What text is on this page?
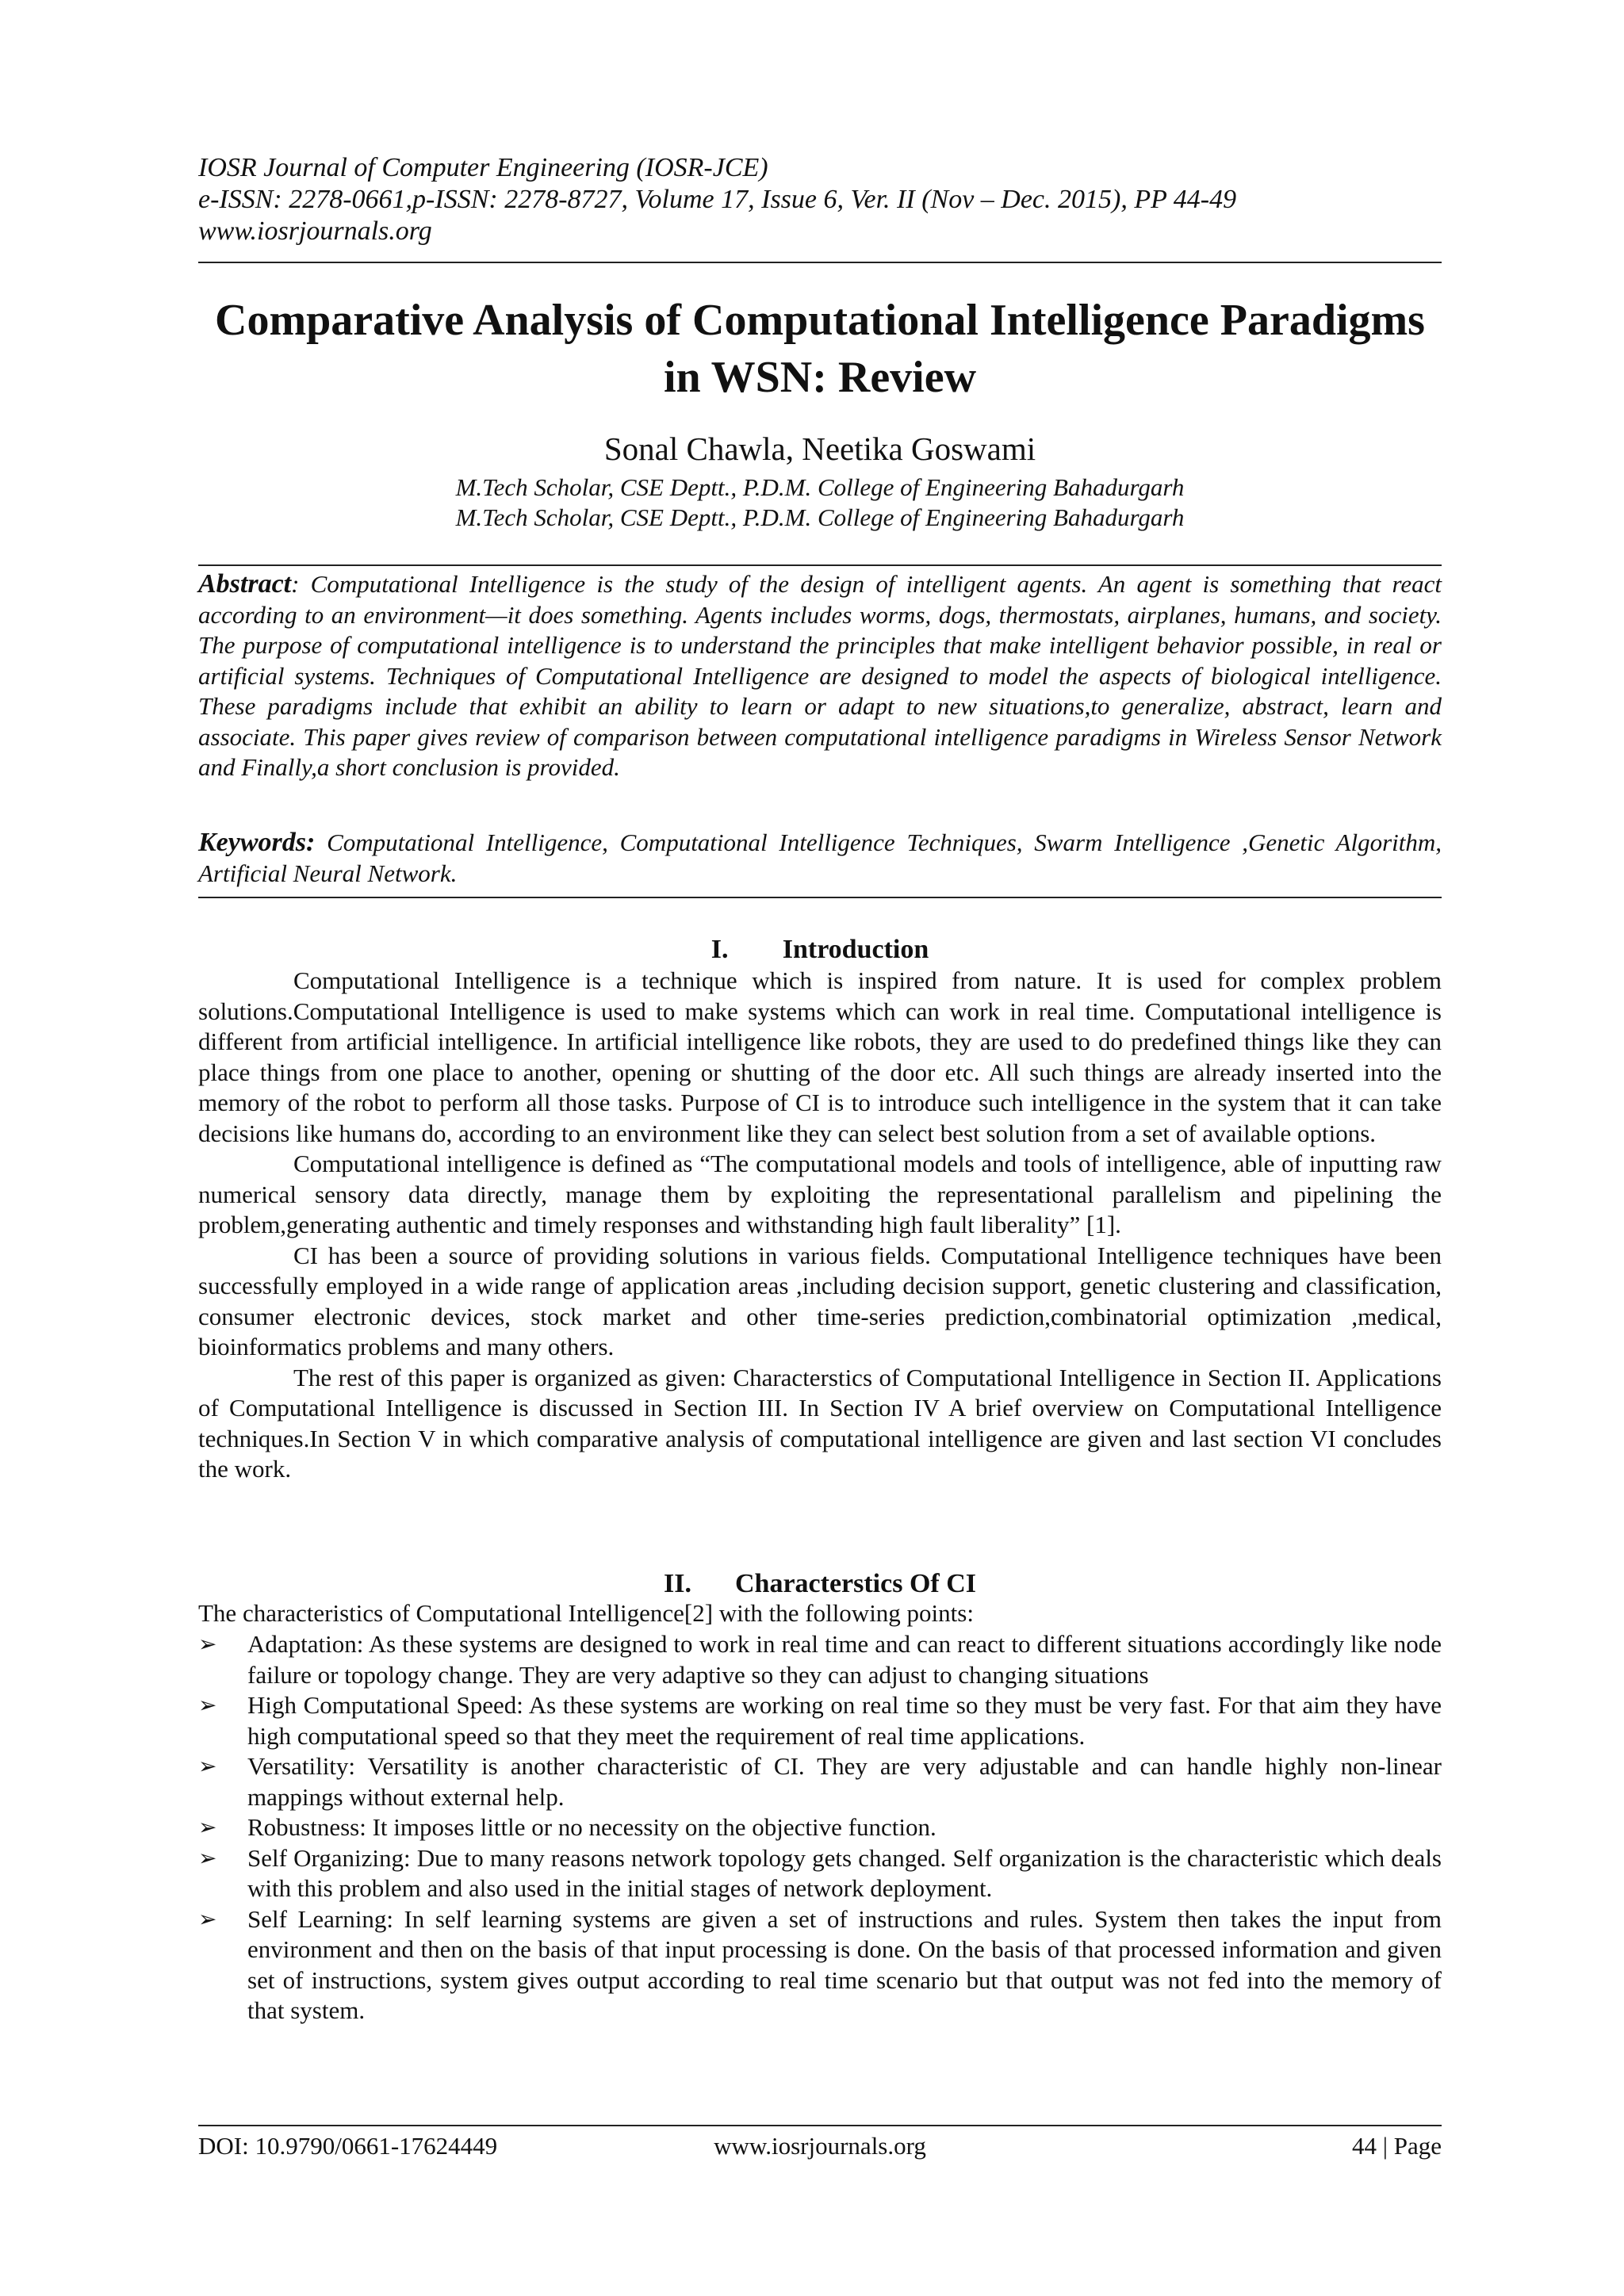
IOSR Journal of Computer Engineering (IOSR-JCE)
e-ISSN: 2278-0661,p-ISSN: 2278-8727, Volume 17, Issue 6, Ver. II (Nov – Dec. 2015), PP 44-49
www.iosrjournals.org
Comparative Analysis of Computational Intelligence Paradigms
in WSN: Review
Sonal Chawla, Neetika Goswami
M.Tech Scholar, CSE Deptt., P.D.M. College of Engineering Bahadurgarh
M.Tech Scholar, CSE Deptt., P.D.M. College of Engineering Bahadurgarh
Abstract: Computational Intelligence is the study of the design of intelligent agents. An agent is something that react according to an environment—it does something. Agents includes worms, dogs, thermostats, airplanes, humans, and society. The purpose of computational intelligence is to understand the principles that make intelligent behavior possible, in real or artificial systems. Techniques of Computational Intelligence are designed to model the aspects of biological intelligence. These paradigms include that exhibit an ability to learn or adapt to new situations,to generalize, abstract, learn and associate. This paper gives review of comparison between computational intelligence paradigms in Wireless Sensor Network and Finally,a short conclusion is provided.
Keywords: Computational Intelligence, Computational Intelligence Techniques, Swarm Intelligence ,Genetic Algorithm, Artificial Neural Network.
I. Introduction

Computational Intelligence is a technique which is inspired from nature. It is used for complex problem solutions.Computational Intelligence is used to make systems which can work in real time. Computational intelligence is different from artificial intelligence. In artificial intelligence like robots, they are used to do predefined things like they can place things from one place to another, opening or shutting of the door etc. All such things are already inserted into the memory of the robot to perform all those tasks. Purpose of CI is to introduce such intelligence in the system that it can take decisions like humans do, according to an environment like they can select best solution from a set of available options.

Computational intelligence is defined as “The computational models and tools of intelligence, able of inputting raw numerical sensory data directly, manage them by exploiting the representational parallelism and pipelining the problem,generating authentic and timely responses and withstanding high fault liberality” [1].

CI has been a source of providing solutions in various fields. Computational Intelligence techniques have been successfully employed in a wide range of application areas ,including decision support, genetic clustering and classification, consumer electronic devices, stock market and other time-series prediction,combinatorial optimization ,medical, bioinformatics problems and many others.

The rest of this paper is organized as given: Characterstics of Computational Intelligence in Section II. Applications of Computational Intelligence is discussed in Section III. In Section IV A brief overview on Computational Intelligence techniques.In Section V in which comparative analysis of computational intelligence are given and last section VI concludes the work.

II. Characterstics Of CI
The characteristics of Computational Intelligence[2] with the following points:
➢ Adaptation: As these systems are designed to work in real time and can react to different situations accordingly like node failure or topology change. They are very adaptive so they can adjust to changing situations
➢ High Computational Speed: As these systems are working on real time so they must be very fast. For that aim they have high computational speed so that they meet the requirement of real time applications.
➢ Versatility: Versatility is another characteristic of CI. They are very adjustable and can handle highly non-linear mappings without external help.
➢ Robustness: It imposes little or no necessity on the objective function.
➢ Self Organizing: Due to many reasons network topology gets changed. Self organization is the characteristic which deals with this problem and also used in the initial stages of network deployment.
➢ Self Learning: In self learning systems are given a set of instructions and rules. System then takes the input from environment and then on the basis of that input processing is done. On the basis of that processed information and given set of instructions, system gives output according to real time scenario but that output was not fed into the memory of that system.
DOI: 10.9790/0661-17624449	www.iosrjournals.org	44 | Page
